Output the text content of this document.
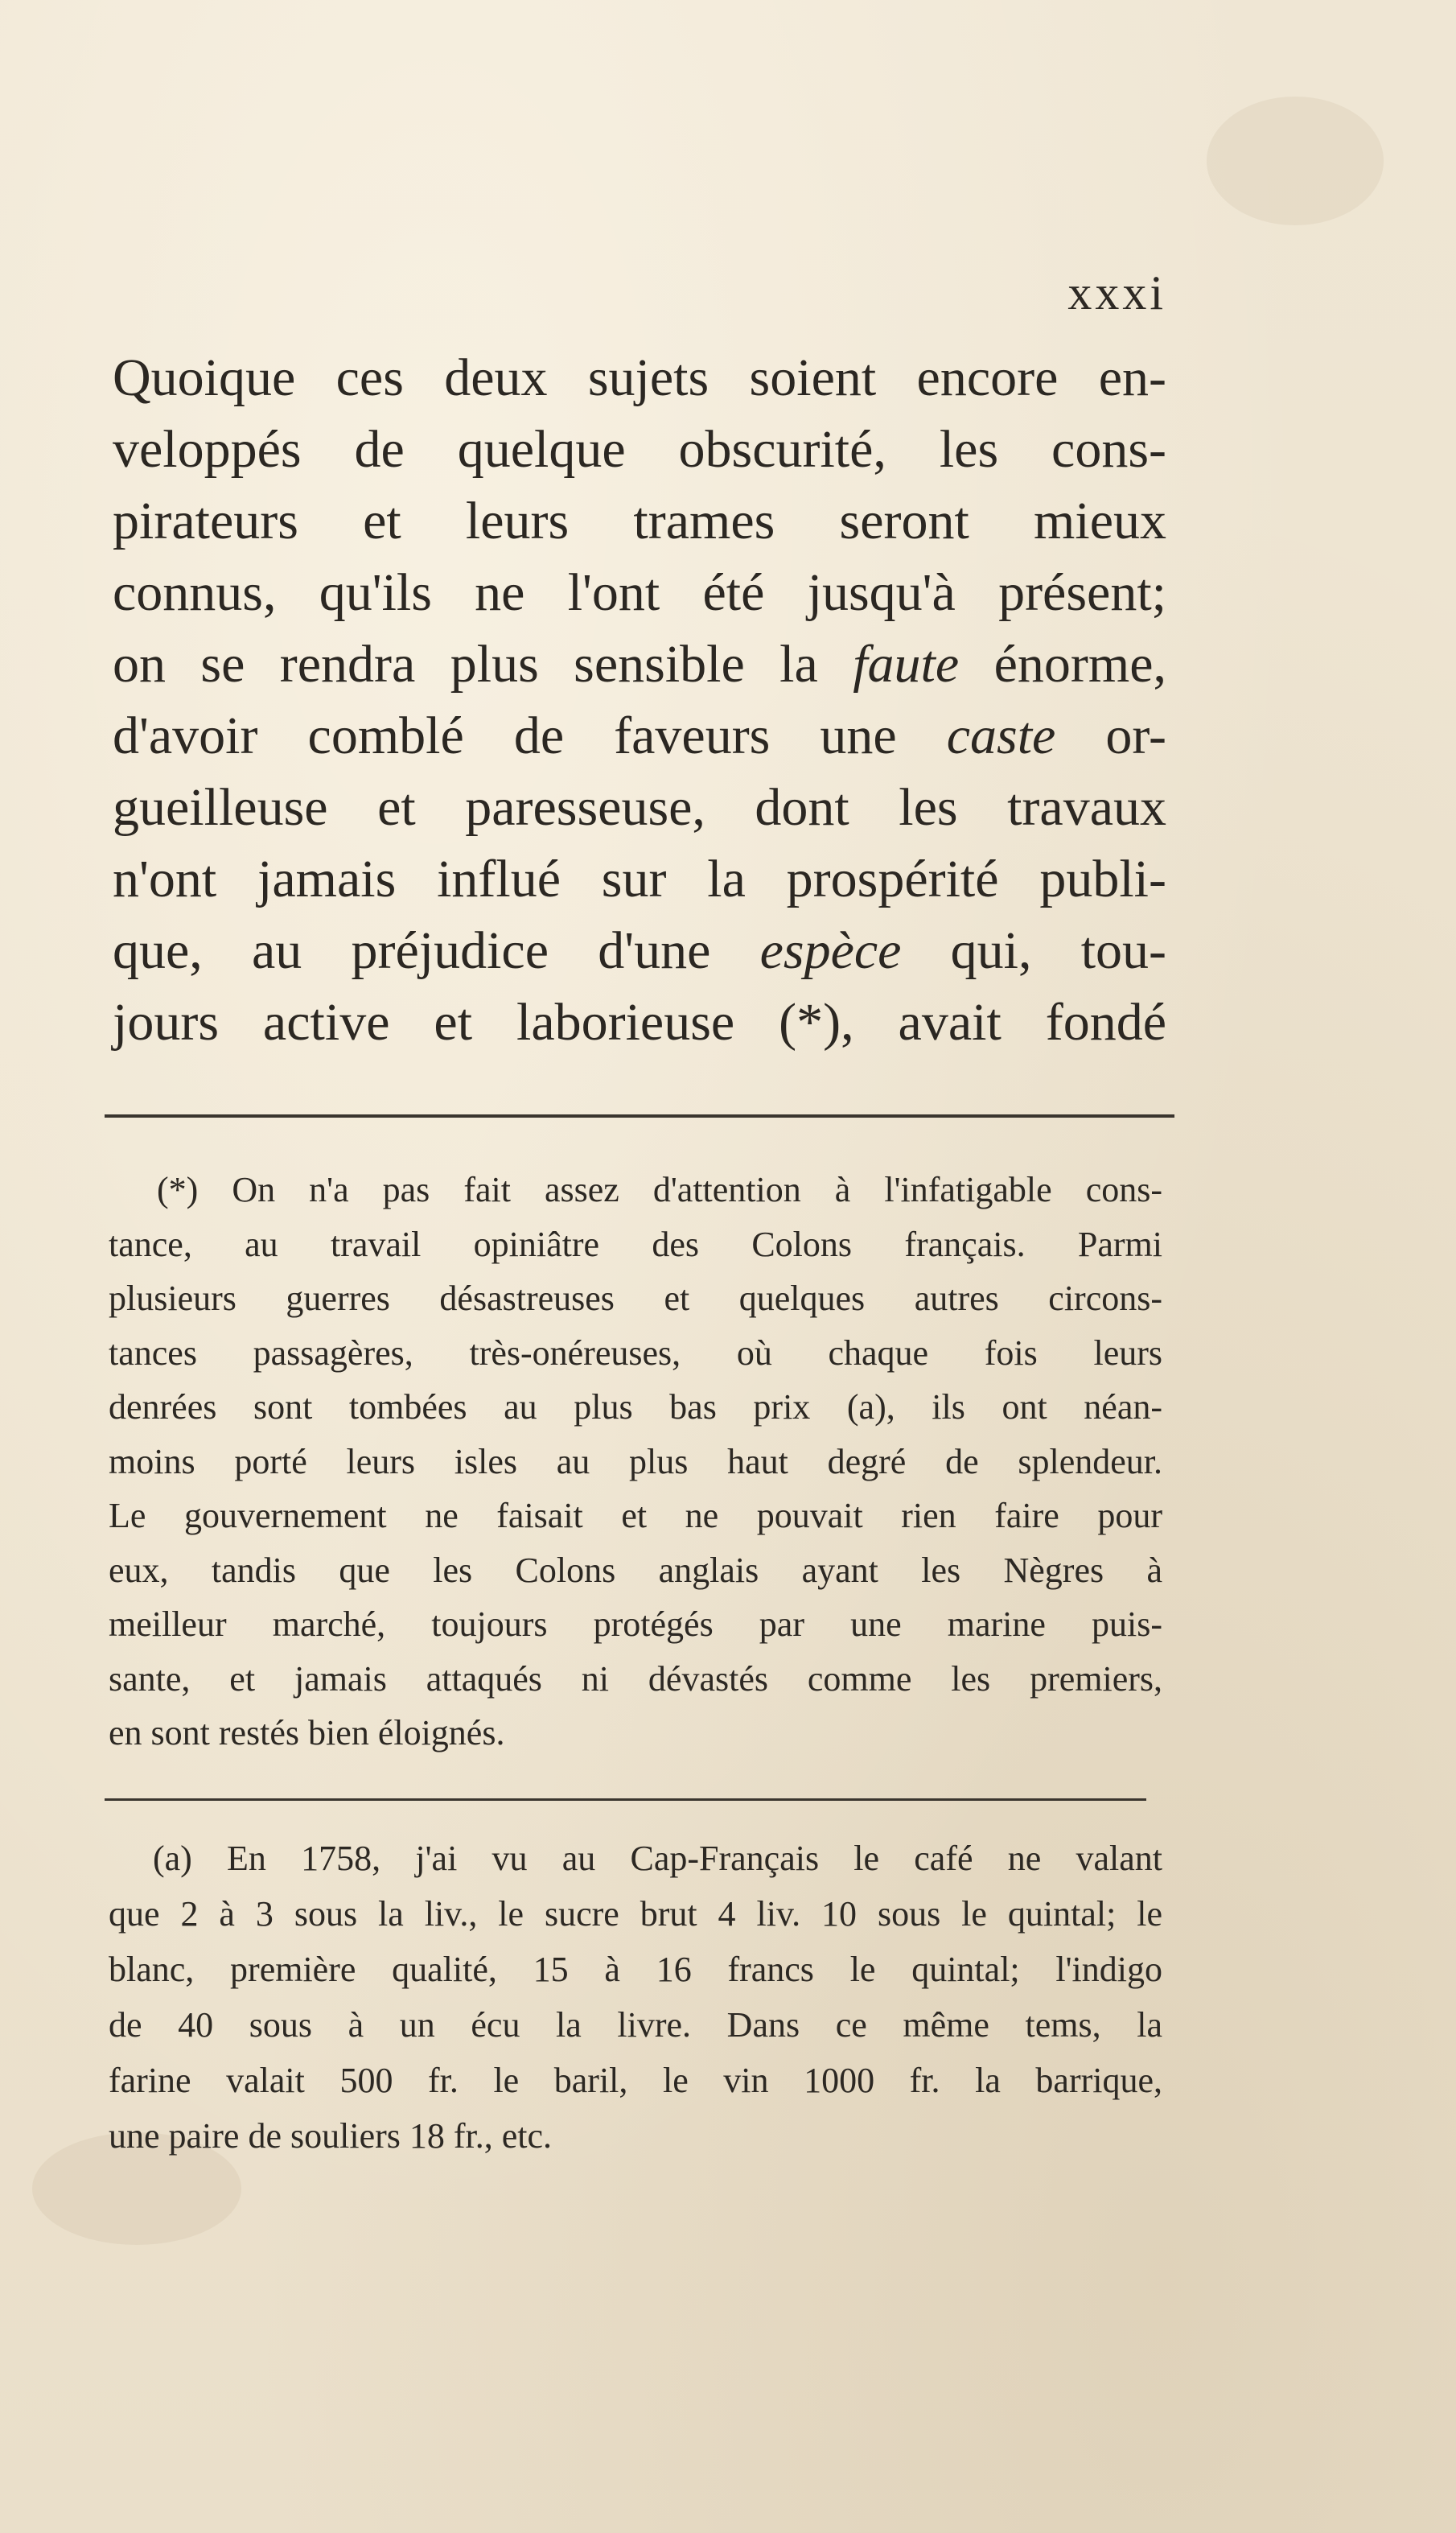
xxxi
Quoique ces deux sujets soient encore en-
veloppés de quelque obscurité, les cons-
pirateurs et leurs trames seront mieux
connus, qu'ils ne l'ont été jusqu'à présent;
on se rendra plus sensible la faute énorme,
d'avoir comblé de faveurs une caste or-
gueilleuse et paresseuse, dont les travaux
n'ont jamais influé sur la prospérité publi-
que, au préjudice d'une espèce qui, tou-
jours active et laborieuse (*), avait fondé
(*) On n'a pas fait assez d'attention à l'infatigable cons-
tance, au travail opiniâtre des Colons français. Parmi
plusieurs guerres désastreuses et quelques autres circons-
tances passagères, très-onéreuses, où chaque fois leurs
denrées sont tombées au plus bas prix (a), ils ont néan-
moins porté leurs isles au plus haut degré de splendeur.
Le gouvernement ne faisait et ne pouvait rien faire pour
eux, tandis que les Colons anglais ayant les Nègres à
meilleur marché, toujours protégés par une marine puis-
sante, et jamais attaqués ni dévastés comme les premiers,
en sont restés bien éloignés.
(a) En 1758, j'ai vu au Cap-Français le café ne valant
que 2 à 3 sous la liv., le sucre brut 4 liv. 10 sous le quintal; le
blanc, première qualité, 15 à 16 francs le quintal; l'indigo
de 40 sous à un écu la livre. Dans ce même tems, la
farine valait 500 fr. le baril, le vin 1000 fr. la barrique,
une paire de souliers 18 fr., etc.
